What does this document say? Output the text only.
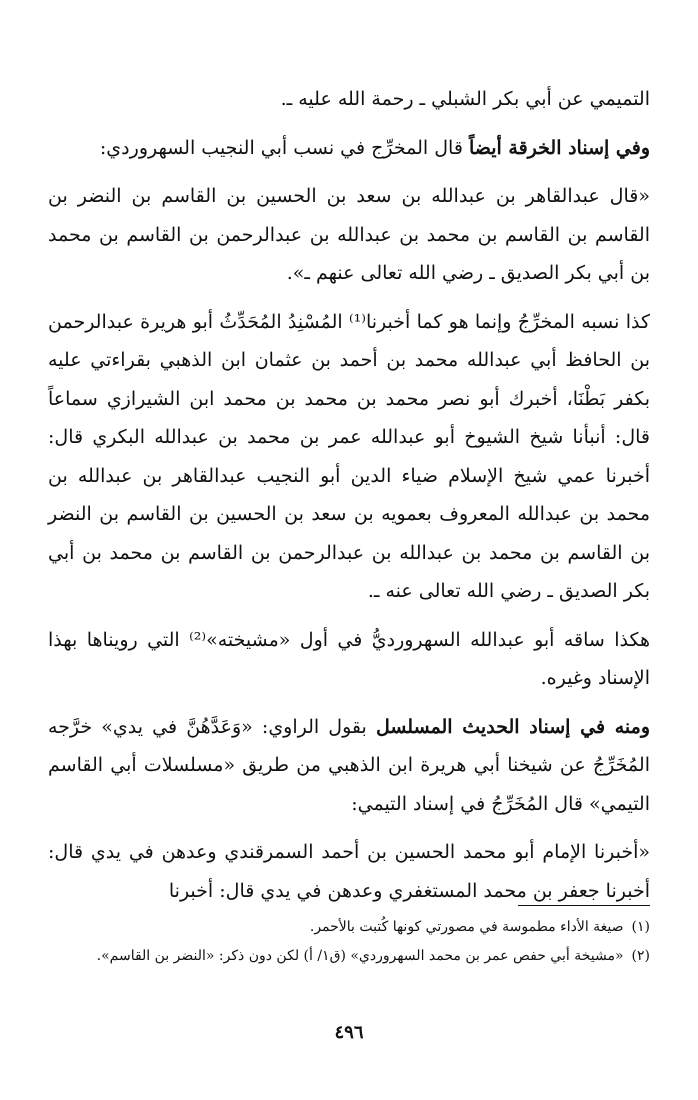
التميمي عن أبي بكر الشبلي ـ رحمة الله عليه ـ.

وفي إسناد الخرقة أيضاً قال المخرِّج في نسب أبي النجيب السهروردي:

«قال عبدالقاهر بن عبدالله بن سعد بن الحسين بن القاسم بن النضر بن القاسم بن القاسم بن محمد بن عبدالله بن عبدالرحمن بن القاسم بن محمد بن أبي بكر الصديق ـ رضي الله تعالى عنهم ـ».

كذا نسبه المخرِّجُ وإنما هو كما أخبرنا⁽¹⁾ المُسْنِدُ المُحَدِّثُ أبو هريرة عبدالرحمن بن الحافظ أبي عبدالله محمد بن أحمد بن عثمان ابن الذهبي بقراءتي عليه بكفر بَطْنَا، أخبرك أبو نصر محمد بن محمد بن محمد ابن الشيرازي سماعاً قال: أنبأنا شيخ الشيوخ أبو عبدالله عمر بن محمد بن عبدالله البكري قال: أخبرنا عمي شيخ الإسلام ضياء الدين أبو النجيب عبدالقاهر بن عبدالله بن محمد بن عبدالله المعروف بعمويه بن سعد بن الحسين بن القاسم بن النضر بن القاسم بن محمد بن عبدالله بن عبدالرحمن بن القاسم بن محمد بن أبي بكر الصديق ـ رضي الله تعالى عنه ـ.

هكذا ساقه أبو عبدالله السهرورديُّ في أول «مشيخته»⁽²⁾ التي رويناها بهذا الإسناد وغيره.

ومنه في إسناد الحديث المسلسل بقول الراوي: «وَعَدَّهُنَّ في يدي» خرَّجه المُخَرِّجُ عن شيخنا أبي هريرة ابن الذهبي من طريق «مسلسلات أبي القاسم التيمي» قال المُخَرِّجُ في إسناد التيمي:

«أخبرنا الإمام أبو محمد الحسين بن أحمد السمرقندي وعدهن في يدي قال: أخبرنا جعفر بن محمد المستغفري وعدهن في يدي قال: أخبرنا

(١)صيغة الأداء مطموسة في مصورتي كونها كُتبت بالأحمر.

(٢)«مشيخة أبي حفص عمر بن محمد السهروردي» (ق١/ أ) لكن دون ذكر: «النضر بن القاسم».

٤٩٦
